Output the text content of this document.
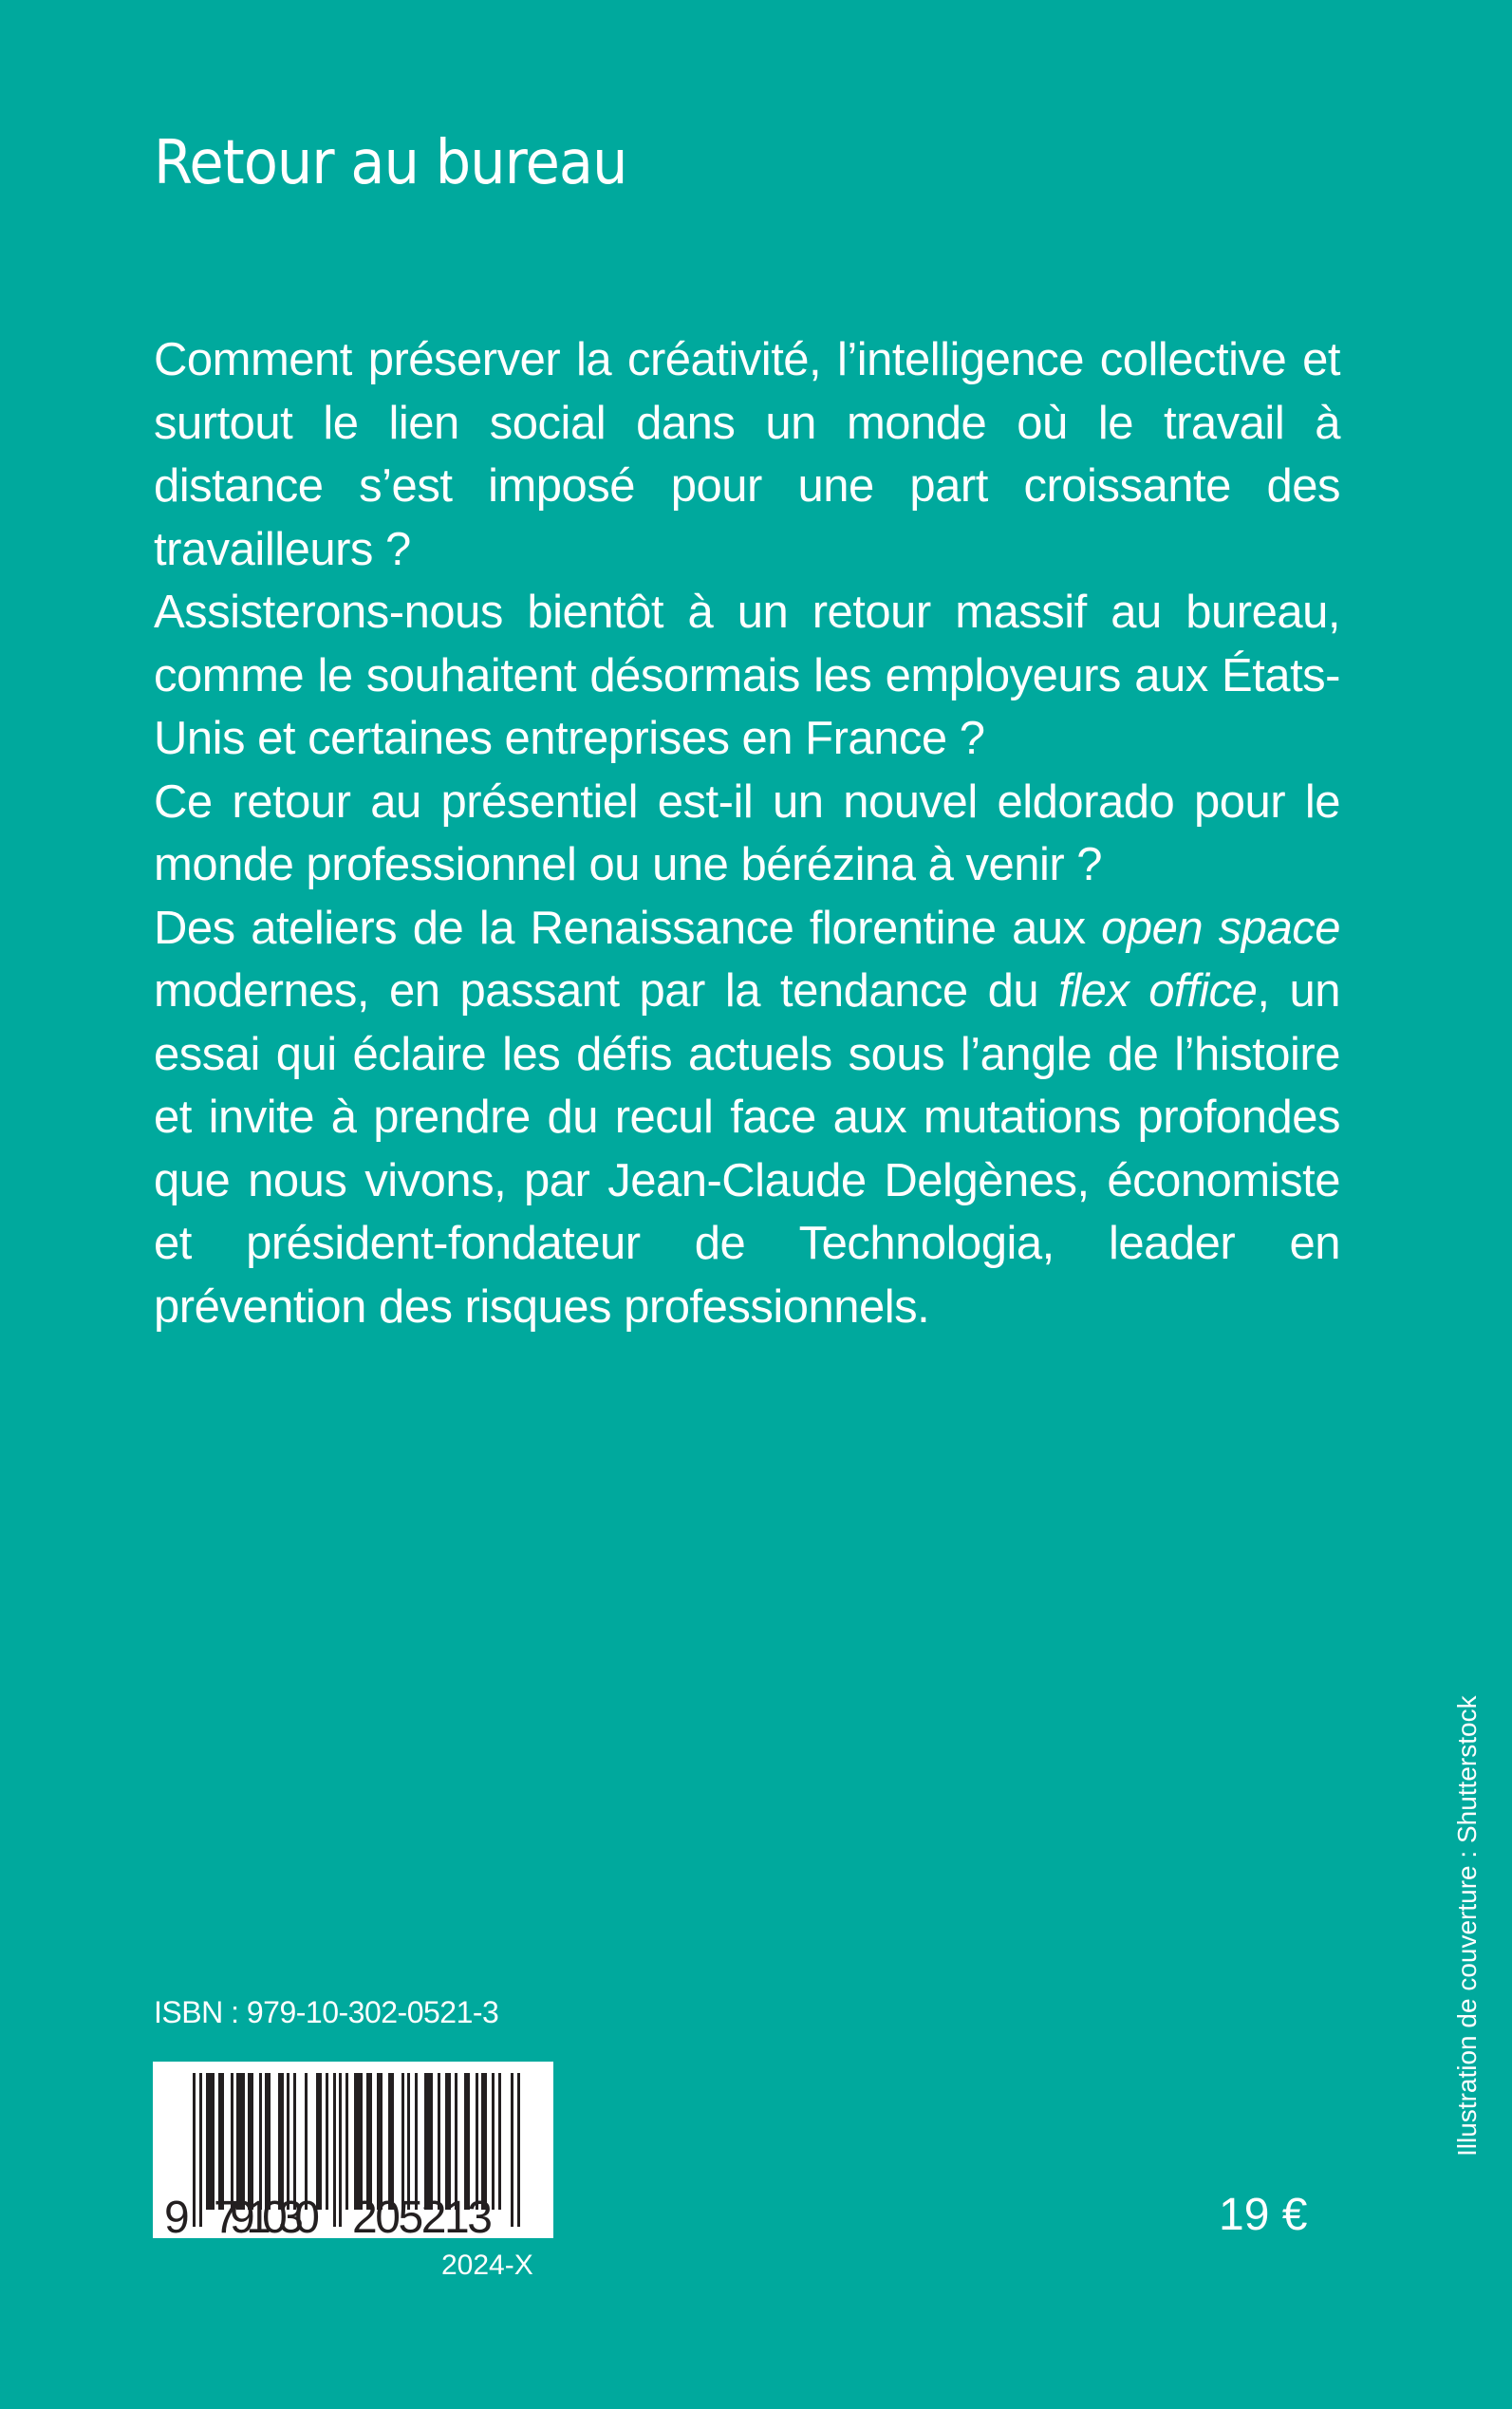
Retour au bureau

Comment préserver la créativité, l’intelligence collective et surtout le lien social dans un monde où le travail à distance s’est imposé pour une part croissante des travailleurs ?

Assisterons-nous bientôt à un retour massif au bureau, comme le souhaitent désormais les employeurs aux États-Unis et certaines entreprises en France ?

Ce retour au présentiel est-il un nouvel eldorado pour le monde professionnel ou une bérézina à venir ?

Des ateliers de la Renaissance florentine aux open space modernes, en passant par la tendance du flex office, un essai qui éclaire les défis actuels sous l’angle de l’histoire et invite à prendre du recul face aux mutations profondes que nous vivons, par Jean-Claude Delgènes, économiste et président-fondateur de Technologia, leader en prévention des risques professionnels.

ISBN : 979-10-302-0521-3
9 791030 205213
2024-X
19 €
Illustration de couverture : Shutterstock
